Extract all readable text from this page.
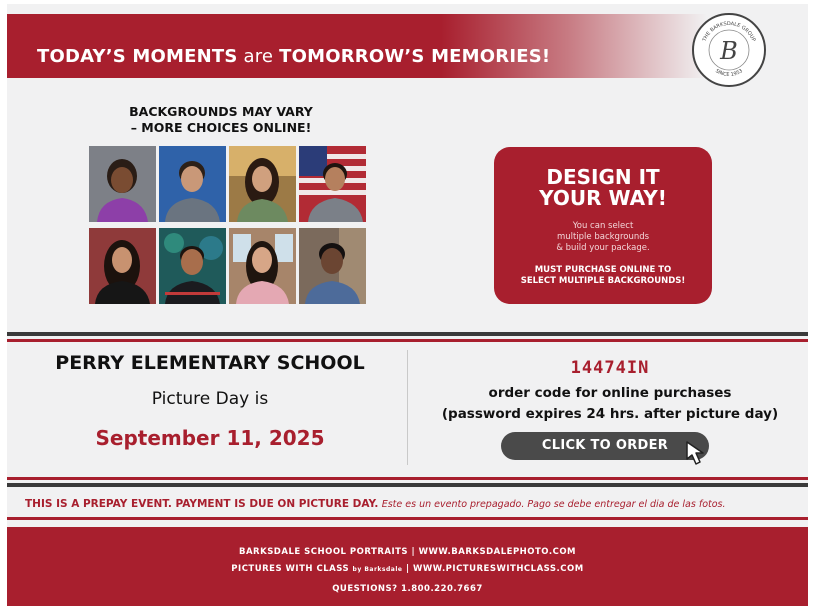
TODAY’S MOMENTS are TOMORROW’S MEMORIES!
THE BARKSDALE GROUP
B
SINCE 1953
BACKGROUNDS MAY VARY
– MORE CHOICES ONLINE!
DESIGN IT
YOUR WAY!
You can select
multiple backgrounds
& build your package.
MUST PURCHASE ONLINE TO
SELECT MULTIPLE BACKGROUNDS!
PERRY ELEMENTARY SCHOOL
Picture Day is
September 11, 2025
14474IN
order code for online purchases
(password expires 24 hrs. after picture day)
CLICK TO ORDER
THIS IS A PREPAY EVENT. PAYMENT IS DUE ON PICTURE DAY. Este es un evento prepagado. Pago se debe entregar el dia de las fotos.
BARKSDALE SCHOOL PORTRAITS | WWW.BARKSDALEPHOTO.COM
PICTURES WITH CLASS by Barksdale | WWW.PICTURESWITHCLASS.COM
QUESTIONS? 1.800.220.7667
